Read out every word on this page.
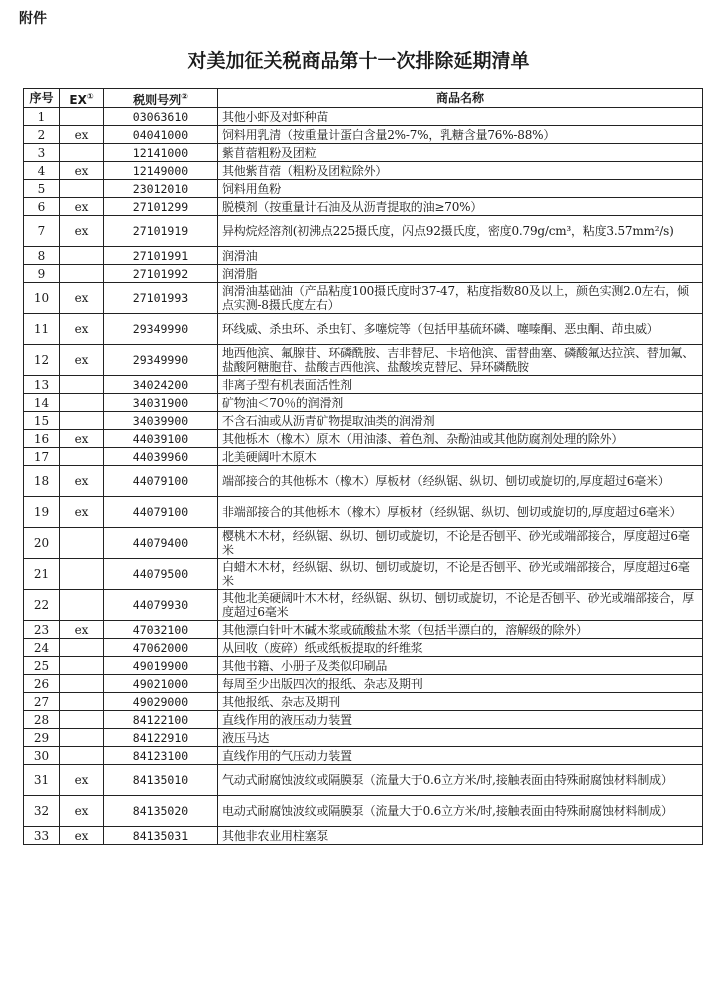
附件
对美加征关税商品第十一次排除延期清单
序号	EX①	税则号列②	商品名称
1		03063610	其他小虾及对虾种苗
2	ex	04041000	饲料用乳清（按重量计蛋白含量2%-7%，乳糖含量76%-88%）
3		12141000	紫苜蓿粗粉及团粒
4	ex	12149000	其他紫苜蓿（粗粉及团粒除外）
5		23012010	饲料用鱼粉
6	ex	27101299	脱模剂（按重量计石油及从沥青提取的油≥70%）
7	ex	27101919	异构烷烃溶剂(初沸点225摄氏度，闪点92摄氏度，密度0.79g/cm³，粘度3.57mm²/s)
8		27101991	润滑油
9		27101992	润滑脂
10	ex	27101993	润滑油基础油（产品粘度100摄氏度时37-47，粘度指数80及以上，颜色实测2.0左右，倾点实测-8摄氏度左右）
11	ex	29349990	环线威、杀虫环、杀虫钉、多噻烷等（包括甲基硫环磷、噻嗪酮、恶虫酮、茚虫威）
12	ex	29349990	地西他滨、氟腺苷、环磷酰胺、吉非替尼、卡培他滨、雷替曲塞、磷酸氟达拉滨、替加氟、盐酸阿糖胞苷、盐酸吉西他滨、盐酸埃克替尼、异环磷酰胺
13		34024200	非离子型有机表面活性剂
14		34031900	矿物油＜70％的润滑剂
15		34039900	不含石油或从沥青矿物提取油类的润滑剂
16	ex	44039100	其他栎木（橡木）原木（用油漆、着色剂、杂酚油或其他防腐剂处理的除外）
17		44039960	北美硬阔叶木原木
18	ex	44079100	端部接合的其他栎木（橡木）厚板材（经纵锯、纵切、刨切或旋切的,厚度超过6毫米）
19	ex	44079100	非端部接合的其他栎木（橡木）厚板材（经纵锯、纵切、刨切或旋切的,厚度超过6毫米）
20		44079400	樱桃木木材，经纵锯、纵切、刨切或旋切，不论是否刨平、砂光或端部接合，厚度超过6毫米
21		44079500	白蜡木木材，经纵锯、纵切、刨切或旋切，不论是否刨平、砂光或端部接合，厚度超过6毫米
22		44079930	其他北美硬阔叶木木材，经纵锯、纵切、刨切或旋切，不论是否刨平、砂光或端部接合，厚度超过6毫米
23	ex	47032100	其他漂白针叶木碱木浆或硫酸盐木浆（包括半漂白的，溶解级的除外）
24		47062000	从回收（废碎）纸或纸板提取的纤维浆
25		49019900	其他书籍、小册子及类似印刷品
26		49021000	每周至少出版四次的报纸、杂志及期刊
27		49029000	其他报纸、杂志及期刊
28		84122100	直线作用的液压动力装置
29		84122910	液压马达
30		84123100	直线作用的气压动力装置
31	ex	84135010	气动式耐腐蚀波纹或隔膜泵（流量大于0.6立方米/时,接触表面由特殊耐腐蚀材料制成）
32	ex	84135020	电动式耐腐蚀波纹或隔膜泵（流量大于0.6立方米/时,接触表面由特殊耐腐蚀材料制成）
33	ex	84135031	其他非农业用柱塞泵
